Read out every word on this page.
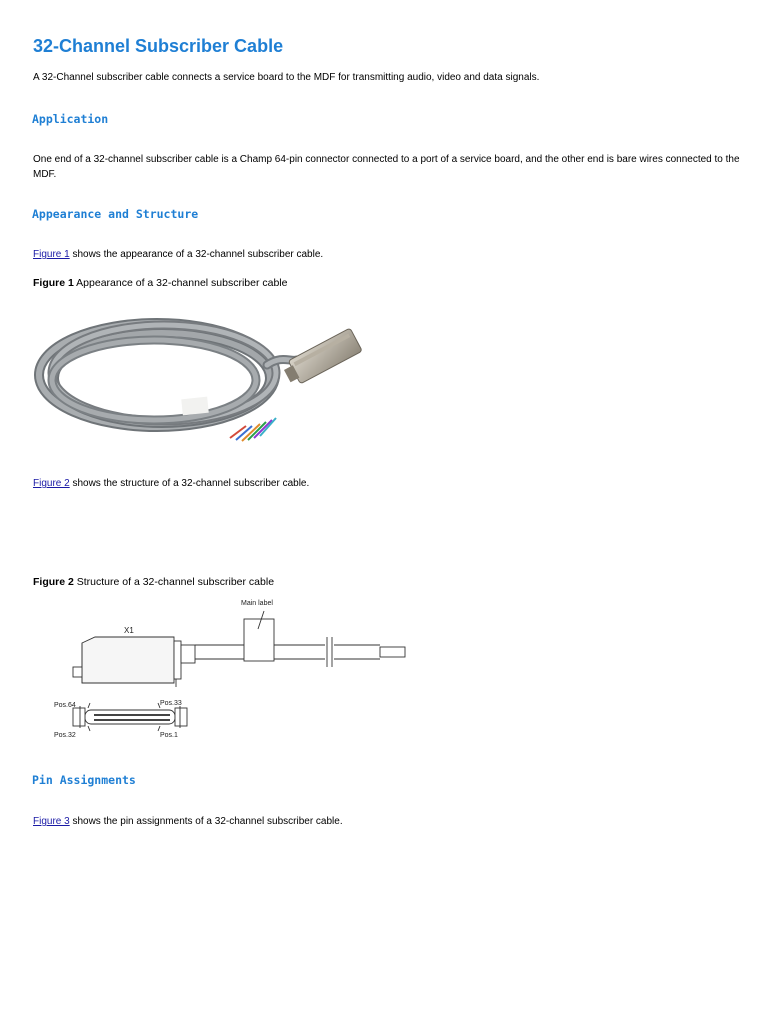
32-Channel Subscriber Cable

A 32-Channel subscriber cable connects a service board to the MDF for transmitting audio, video and data signals.

Application

One end of a 32-channel subscriber cable is a Champ 64-pin connector connected to a port of a service board, and the other end is bare wires connected to the MDF.

Appearance and Structure

Figure 1 shows the appearance of a 32-channel subscriber cable.

Figure 1 Appearance of a 32-channel subscriber cable

Figure 2 shows the structure of a 32-channel subscriber cable.

Figure 2 Structure of a 32-channel subscriber cable

Main label
X1
Pos.64	Pos.33
Pos.32	Pos.1
Pin Assignments

Figure 3 shows the pin assignments of a 32-channel subscriber cable.
